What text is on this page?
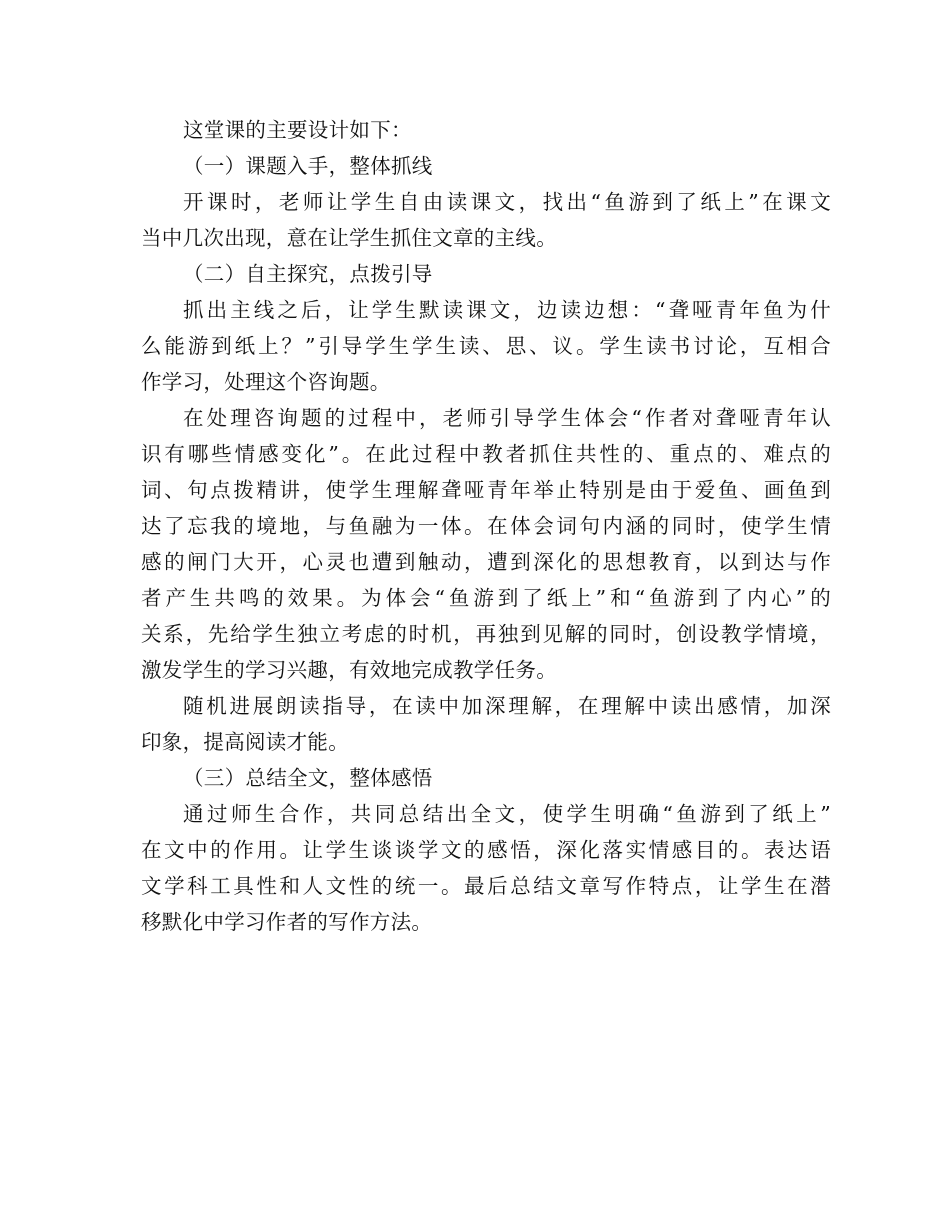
这堂课的主要设计如下：
（一）课题入手，整体抓线
开课时，老师让学生自由读课文，找出“鱼游到了纸上”在课文
当中几次出现，意在让学生抓住文章的主线。
（二）自主探究，点拨引导
抓出主线之后，让学生默读课文，边读边想：“聋哑青年鱼为什
么能游到纸上？”引导学生学生读、思、议。学生读书讨论，互相合
作学习，处理这个咨询题。
在处理咨询题的过程中，老师引导学生体会“作者对聋哑青年认
识有哪些情感变化”。在此过程中教者抓住共性的、重点的、难点的
词、句点拨精讲，使学生理解聋哑青年举止特别是由于爱鱼、画鱼到
达了忘我的境地，与鱼融为一体。在体会词句内涵的同时，使学生情
感的闸门大开，心灵也遭到触动，遭到深化的思想教育，以到达与作
者产生共鸣的效果。为体会“鱼游到了纸上”和“鱼游到了内心”的
关系，先给学生独立考虑的时机，再独到见解的同时，创设教学情境，
激发学生的学习兴趣，有效地完成教学任务。
随机进展朗读指导，在读中加深理解，在理解中读出感情，加深
印象，提高阅读才能。
（三）总结全文，整体感悟
通过师生合作，共同总结出全文，使学生明确“鱼游到了纸上”
在文中的作用。让学生谈谈学文的感悟，深化落实情感目的。表达语
文学科工具性和人文性的统一。最后总结文章写作特点，让学生在潜
移默化中学习作者的写作方法。
